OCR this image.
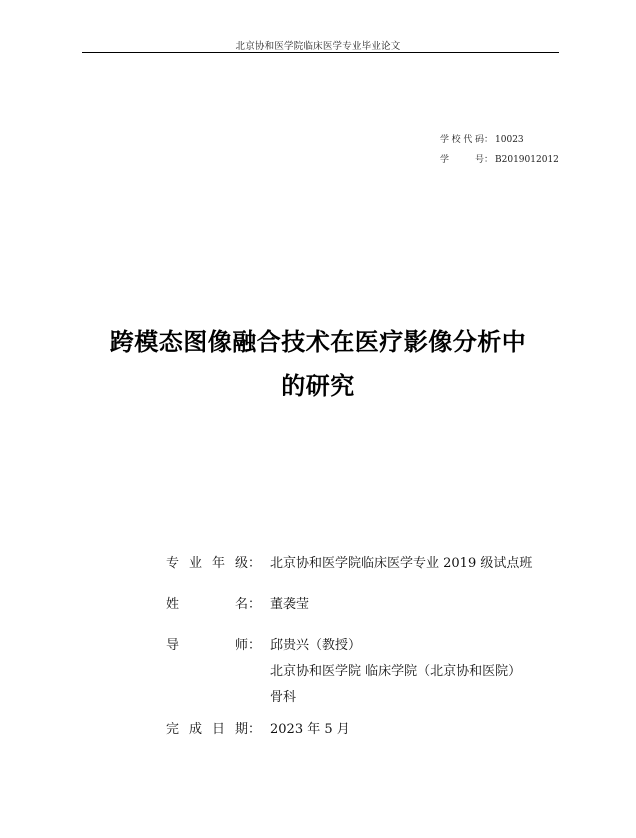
北京协和医学院临床医学专业毕业论文
学校代码： 10023
学 号： B2019012012
跨模态图像融合技术在医疗影像分析中
的研究
专业年级 ： 北京协和医学院临床医学专业 2019 级试点班
姓名 ： 董袭莹
导师 ： 邱贵兴（教授）
北京协和医学院 临床学院（北京协和医院）
骨科
完成日期 ： 2023 年 5 月
